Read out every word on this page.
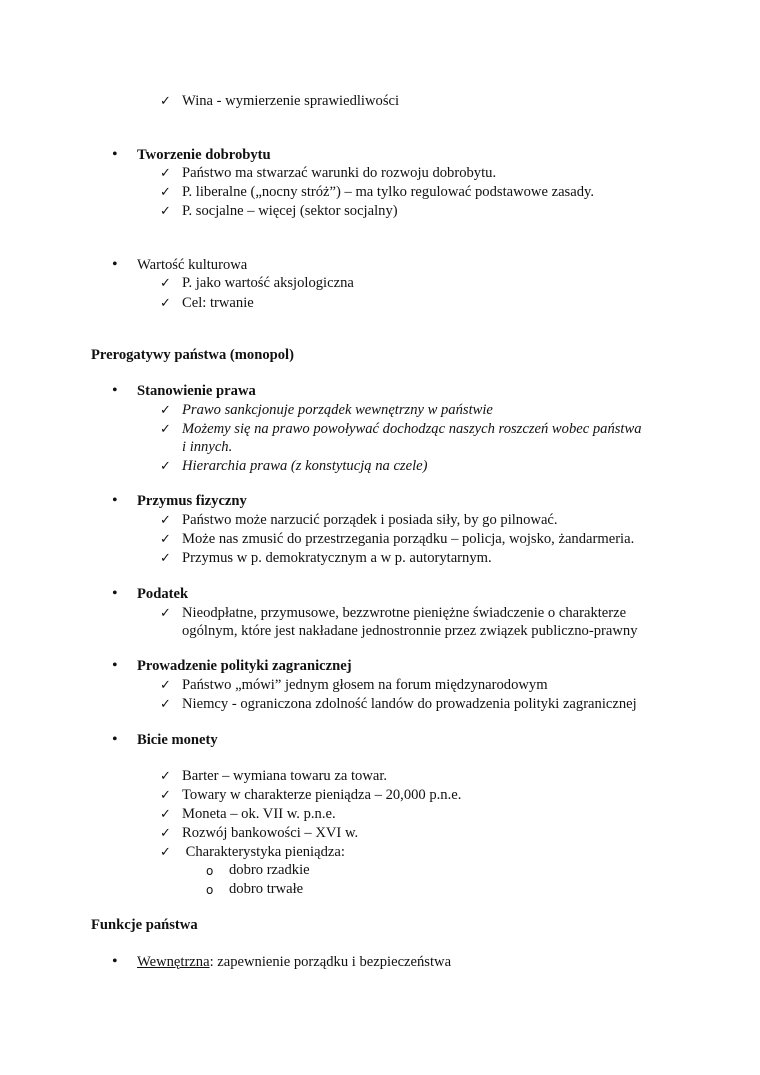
✓ Wina - wymierzenie sprawiedliwości
• Tworzenie dobrobytu
✓ Państwo ma stwarzać warunki do rozwoju dobrobytu.
✓ P. liberalne („nocny stróż”) – ma tylko regulować podstawowe zasady.
✓ P. socjalne – więcej (sektor socjalny)
• Wartość kulturowa
✓ P. jako wartość aksjologiczna
✓ Cel: trwanie
Prerogatywy państwa (monopol)
• Stanowienie prawa
✓ Prawo sankcjonuje porządek wewnętrzny w państwie
✓ Możemy się na prawo powoływać dochodząc naszych roszczeń wobec państwa
i innych.
✓ Hierarchia prawa (z konstytucją na czele)
• Przymus fizyczny
✓ Państwo może narzucić porządek i posiada siły, by go pilnować.
✓ Może nas zmusić do przestrzegania porządku – policja, wojsko, żandarmeria.
✓ Przymus w p. demokratycznym a w p. autorytarnym.
• Podatek
✓ Nieodpłatne, przymusowe, bezzwrotne pieniężne świadczenie o charakterze
ogólnym, które jest nakładane jednostronnie przez związek publiczno-prawny
• Prowadzenie polityki zagranicznej
✓ Państwo „mówi” jednym głosem na forum międzynarodowym
✓ Niemcy - ograniczona zdolność landów do prowadzenia polityki zagranicznej
• Bicie monety
✓ Barter – wymiana towaru za towar.
✓ Towary w charakterze pieniądza – 20,000 p.n.e.
✓ Moneta – ok. VII w. p.n.e.
✓ Rozwój bankowości – XVI w.
✓ Charakterystyka pieniądza:
o dobro rzadkie
o dobro trwałe
Funkcje państwa
• Wewnętrzna: zapewnienie porządku i bezpieczeństwa
